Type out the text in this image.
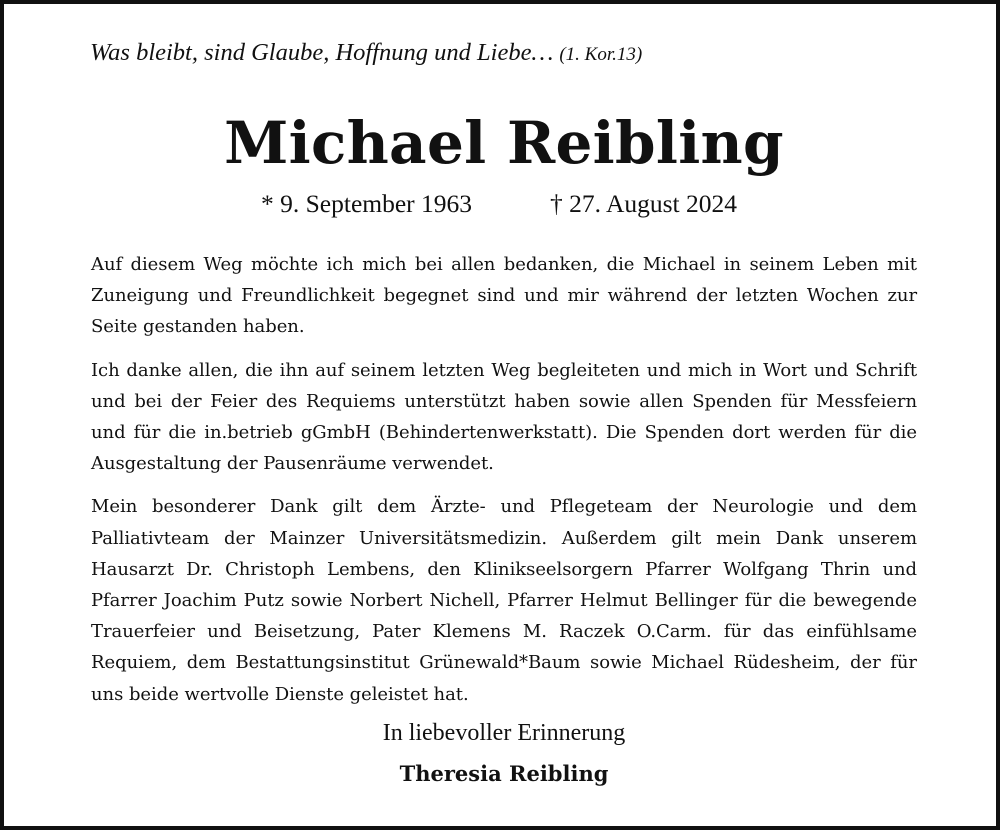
Was bleibt, sind Glaube, Hoffnung und Liebe… (1. Kor.13)
Michael Reibling
* 9. September 1963	† 27. August 2024

Auf diesem Weg möchte ich mich bei allen bedanken, die Michael in seinem Leben mit Zuneigung und Freundlichkeit begegnet sind und mir während der letzten Wochen zur Seite gestanden haben.

Ich danke allen, die ihn auf seinem letzten Weg begleiteten und mich in Wort und Schrift und bei der Feier des Requiems unterstützt haben sowie allen Spenden für Messfeiern und für die in.betrieb gGmbH (Behindertenwerkstatt). Die Spenden dort werden für die Ausgestaltung der Pausenräume verwendet.

Mein besonderer Dank gilt dem Ärzte- und Pflegeteam der Neurologie und dem Palliativteam der Mainzer Universitätsmedizin. Außerdem gilt mein Dank unserem Hausarzt Dr. Christoph Lembens, den Klinikseelsorgern Pfarrer Wolfgang Thrin und Pfarrer Joachim Putz sowie Norbert Nichell, Pfarrer Helmut Bellinger für die bewegende Trauerfeier und Beisetzung, Pater Klemens M. Raczek O.Carm. für das einfühlsame Requiem, dem Bestattungsinstitut Grünewald*Baum sowie Michael Rüdesheim, der für uns beide wertvolle Dienste geleistet hat.

In liebevoller Erinnerung
Theresia Reibling
